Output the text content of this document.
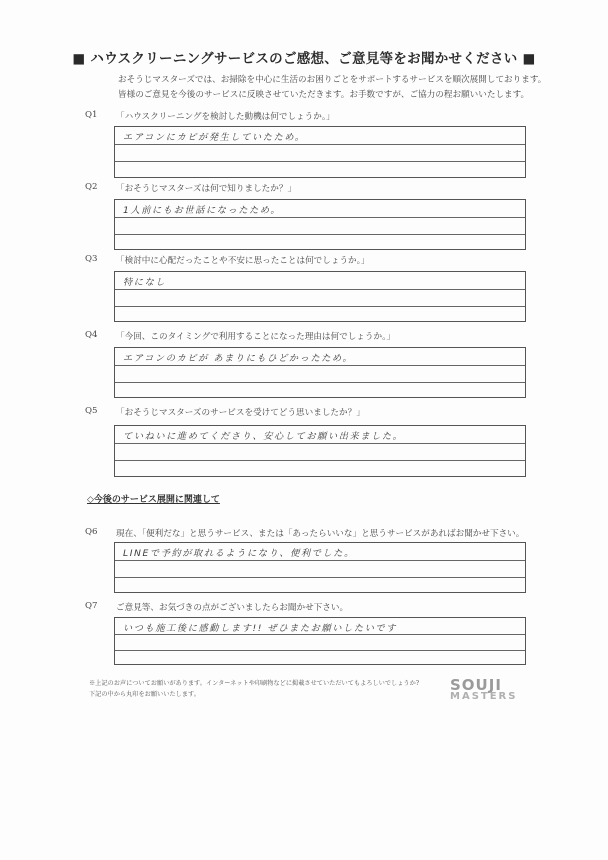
■ ハウスクリーニングサービスのご感想、ご意見等をお聞かせください ■
おそうじマスターズでは、お掃除を中心に生活のお困りごとをサポートするサービスを順次展開しております。
皆様のご意見を今後のサービスに反映させていただきます。お手数ですが、ご協力の程お願いいたします。
Q1 「ハウスクリーニングを検討した動機は何でしょうか。」
エアコンにカビが発生していたため。
Q2 「おそうじマスターズは何で知りましたか？」
1人前にもお世話になったため。
Q3 「検討中に心配だったことや不安に思ったことは何でしょうか。」
特になし
Q4 「今回、このタイミングで利用することになった理由は何でしょうか。」
エアコンのカビが あまりにもひどかったため。
Q5 「おそうじマスターズのサービスを受けてどう思いましたか？」
ていねいに進めてくださり、安心してお願い出来ました。
◇今後のサービス展開に関連して
Q6 現在、「便利だな」と思うサービス、または「あったらいいな」と思うサービスがあればお聞かせ下さい。
LINEで予約が取れるようになり、便利でした。
Q7 ご意見等、お気づきの点がございましたらお聞かせ下さい。
いつも施工後に感動します!! ぜひまたお願いしたいです
※上記のお声についてお願いがあります。インターネットや印刷物などに掲載させていただいてもよろしいでしょうか?
下記の中から丸印をお願いいたします。
SOUJI
MASTERS
